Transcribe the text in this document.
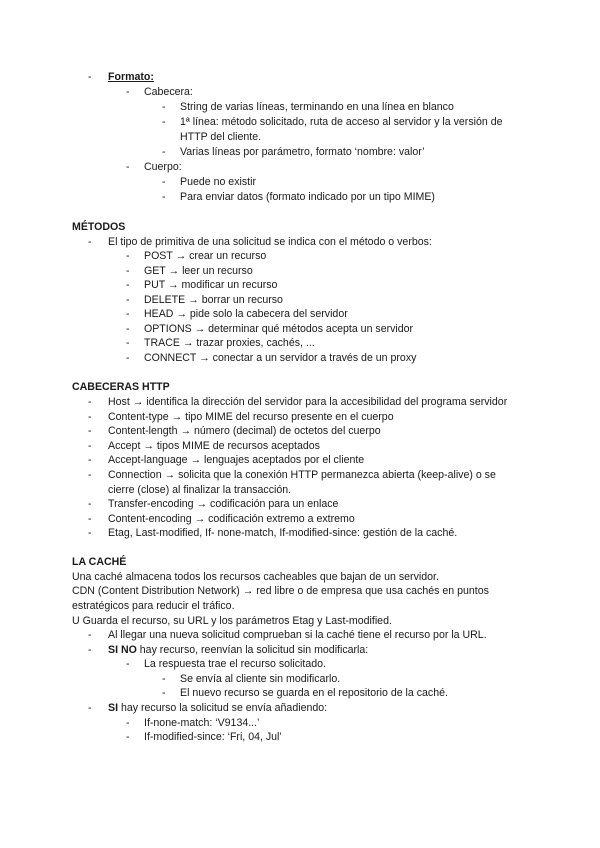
-	Formato:
-	Cabecera:
-	String de varias líneas, terminando en una línea en blanco
-	1ª línea: método solicitado, ruta de acceso al servidor y la versión de
HTTP del cliente.
-	Varias líneas por parámetro, formato ‘nombre: valor’
-	Cuerpo:
-	Puede no existir
-	Para enviar datos (formato indicado por un tipo MIME)
MÉTODOS
-	El tipo de primitiva de una solicitud se indica con el método o verbos:
-	POST → crear un recurso
-	GET → leer un recurso
-	PUT → modificar un recurso
-	DELETE → borrar un recurso
-	HEAD → pide solo la cabecera del servidor
-	OPTIONS → determinar qué métodos acepta un servidor
-	TRACE → trazar proxies, cachés, ...
-	CONNECT → conectar a un servidor a través de un proxy
CABECERAS HTTP
-	Host → identifica la dirección del servidor para la accesibilidad del programa servidor
-	Content-type → tipo MIME del recurso presente en el cuerpo
-	Content-length → número (decimal) de octetos del cuerpo
-	Accept → tipos MIME de recursos aceptados
-	Accept-language → lenguajes aceptados por el cliente
-	Connection → solicita que la conexión HTTP permanezca abierta (keep-alive) o se
cierre (close) al finalizar la transacción.
-	Transfer-encoding → codificación para un enlace
-	Content-encoding → codificación extremo a extremo
-	Etag, Last-modified, If- none-match, If-modified-since: gestión de la caché.
LA CACHÉ
Una caché almacena todos los recursos cacheables que bajan de un servidor.
CDN (Content Distribution Network) → red libre o de empresa que usa cachés en puntos
estratégicos para reducir el tráfico.
U Guarda el recurso, su URL y los parámetros Etag y Last-modified.
-	Al llegar una nueva solicitud comprueban si la caché tiene el recurso por la URL.
-	SI NO hay recurso, reenvían la solicitud sin modificarla:
-	La respuesta trae el recurso solicitado.
-	Se envía al cliente sin modificarlo.
-	El nuevo recurso se guarda en el repositorio de la caché.
-	SI hay recurso la solicitud se envía añadiendo:
-	If-none-match: ‘V9134...’
-	If-modified-since: ‘Fri, 04, Jul’
